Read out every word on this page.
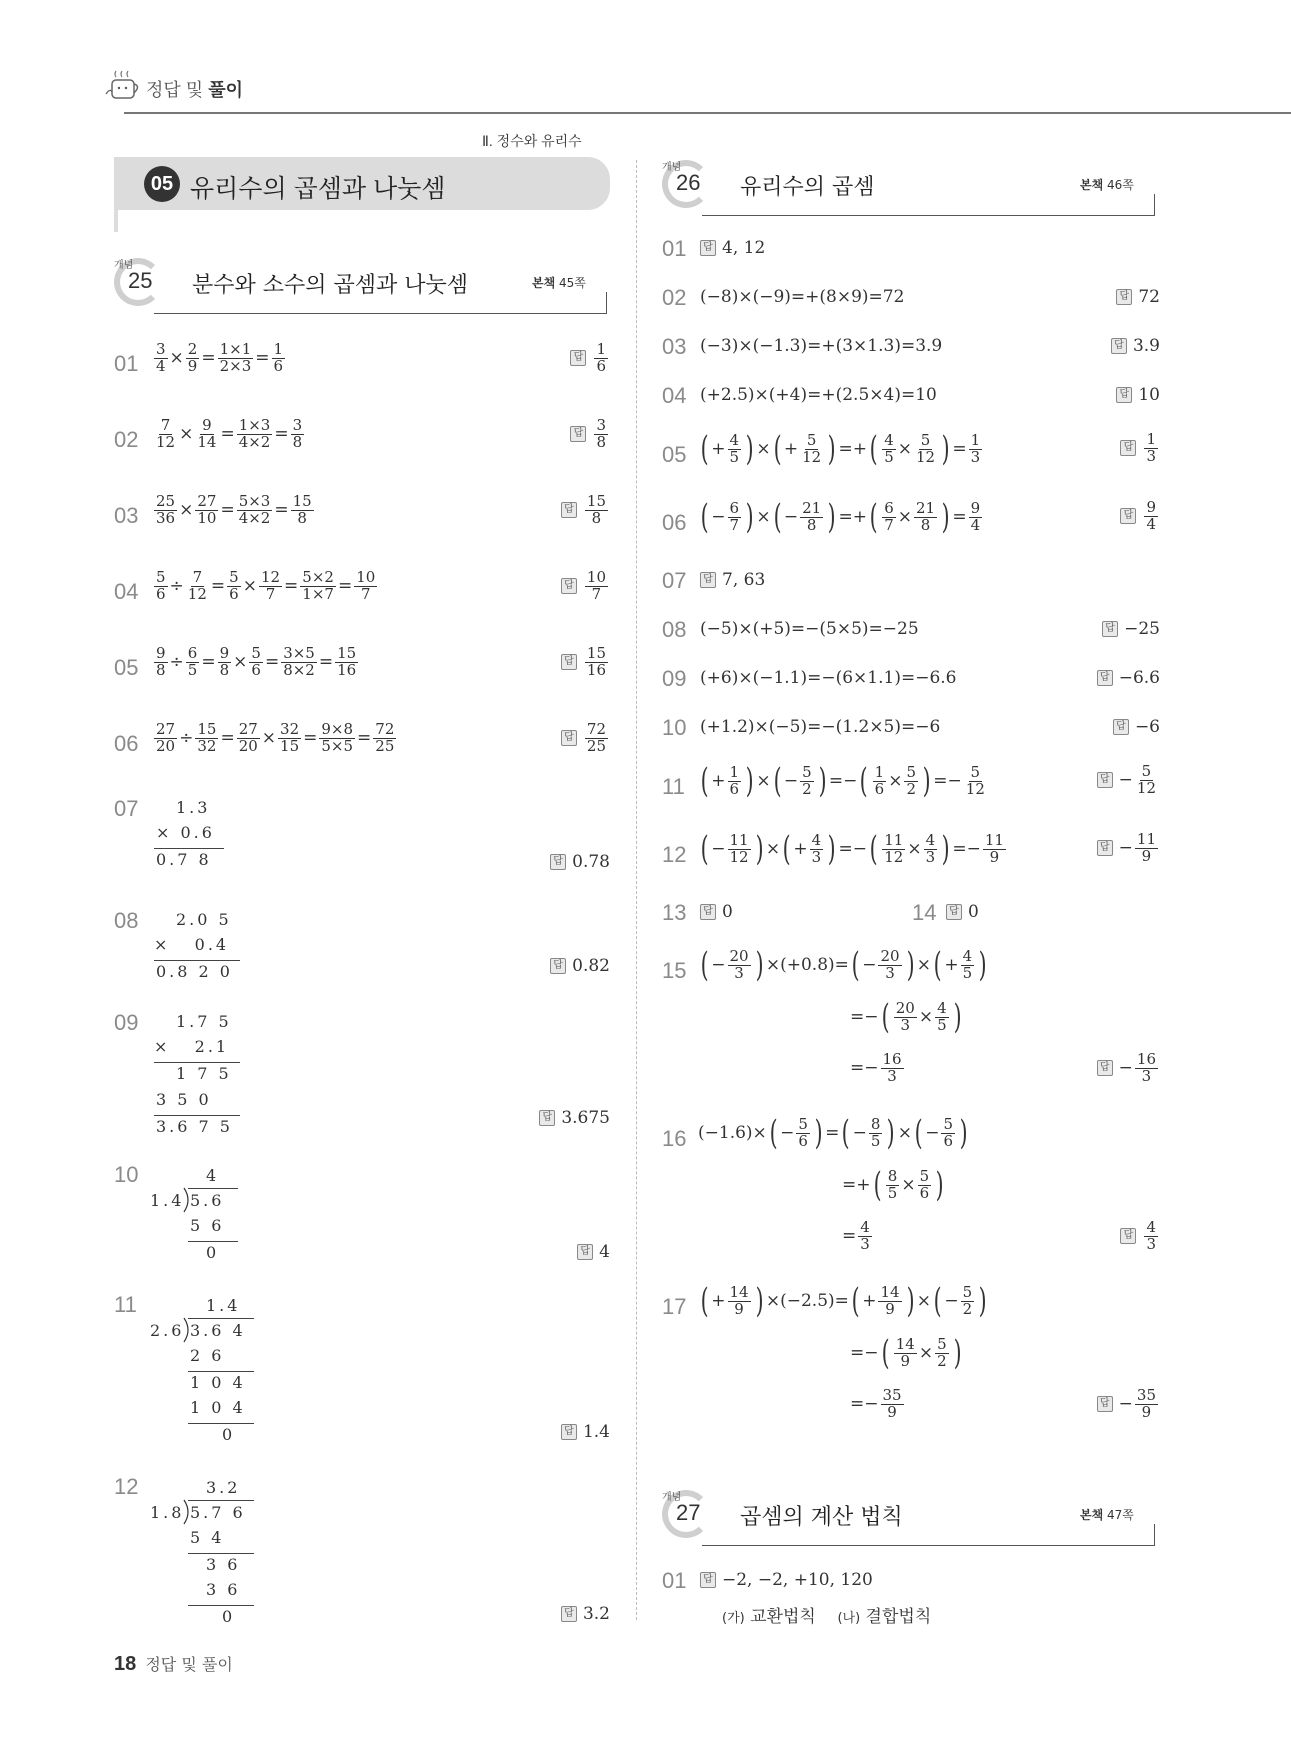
정답 및 풀이
Ⅱ. 정수와 유리수
05 유리수의 곱셈과 나눗셈
개념
25 분수와 소수의 곱셈과 나눗셈	본책 45쪽
$01 \frac{3}{4} \times \frac{2}{9} = \frac{1\times 1}{2\times 3} = \frac{1}{6}$	답 $\frac{1}{6}$
$02 \frac{7}{12} \times \frac{9}{14} = \frac{1\times 3}{4\times 2} = \frac{3}{8}$	답 $\frac{3}{8}$
$03 \frac{25}{36} \times \frac{27}{10} = \frac{5\times 3}{4\times 2} = \frac{15}{8}$	답 $\frac{15}{8}$
$04 \frac{5}{6} \div \frac{7}{12} = \frac{5}{6} \times \frac{12}{7} = \frac{5\times 2}{1\times 7} = \frac{10}{7}$	답 $\frac{10}{7}$
$05 \frac{9}{8} \div \frac{6}{5} = \frac{9}{8} \times \frac{5}{6} = \frac{3\times 5}{8\times 2} = \frac{15}{16}$	답 $\frac{15}{16}$
$06 \frac{27}{20} \div \frac{15}{32} = \frac{27}{20} \times \frac{32}{15} = \frac{9\times 8}{5\times 5} = \frac{72}{25}$	답 $\frac{72}{25}$
07 1.3
× 0.6
0.7 8	답 0.78
08 2.0 5
×   0.4
0.8 2 0	답 0.82
09 1.7 5
×   2.1
1 7 5
3 5 0
3.6 7 5	답 3.675
10	4
1.4 5.6
5 6
0	답 4
11	1.4
2.6 3.6 4
2 6
1 0 4
1 0 4
0	답 1.4
12	3.2
1.8 5.7 6
5 4
3 6
3 6
0	답 3.2
개념
26 유리수의 곱셈	본책 46쪽
01	답 4, 12
02 (−8)×(−9)=+(8×9)=72	답 72
03 (−3)×(−1.3)=+(3×1.3)=3.9	답 3.9
04 (+2.5)×(+4)=+(2.5×4)=10	답 10
05 ( + $\frac{4}{5}$ ) × ( + $\frac{5}{12}$ ) =+ ( $\frac{4}{5} \times \frac{5}{12}$ ) = $\frac{1}{3}$	답 $\frac{1}{3}$
06 ( − $\frac{6}{7}$ ) × ( − $\frac{21}{8}$ ) =+ ( $\frac{6}{7} \times \frac{21}{8}$ ) = $\frac{9}{4}$	답 $\frac{9}{4}$
07	답 7, 63
08 (−5)×(+5)=−(5×5)=−25	답 −25
09 (+6)×(−1.1)=−(6×1.1)=−6.6	답 −6.6
10 (+1.2)×(−5)=−(1.2×5)=−6	답 −6
11 ( + $\frac{1}{6}$ ) × ( − $\frac{5}{2}$ ) =− ( $\frac{1}{6} \times \frac{5}{2}$ ) =− $\frac{5}{12}$	답 − $\frac{5}{12}$
12 ( − $\frac{11}{12}$ ) × ( + $\frac{4}{3}$ ) =− ( $\frac{11}{12} \times \frac{4}{3}$ ) =− $\frac{11}{9}$	답 − $\frac{11}{9}$
13	답 0	14	답 0
15 ( − $\frac{20}{3}$ ) ×(+0.8)= ( − $\frac{20}{3}$ ) × ( + $\frac{4}{5}$ )
=− ( $\frac{20}{3} \times \frac{4}{5}$ )
=− $\frac{16}{3}$	답 − $\frac{16}{3}$
16 (−1.6)× ( − $\frac{5}{6}$ ) = ( − $\frac{8}{5}$ ) × ( − $\frac{5}{6}$ )
=+ ( $\frac{8}{5} \times \frac{5}{6}$ )
= $\frac{4}{3}$	답 $\frac{4}{3}$
17 ( + $\frac{14}{9}$ ) ×(−2.5)= ( + $\frac{14}{9}$ ) × ( − $\frac{5}{2}$ )
=− ( $\frac{14}{9} \times \frac{5}{2}$ )
=− $\frac{35}{9}$	답 − $\frac{35}{9}$
개념
27 곱셈의 계산 법칙	본책 47쪽
01	답 −2, −2, +10, 120
(가) 교환법칙 (나) 결합법칙
18 정답 및 풀이
